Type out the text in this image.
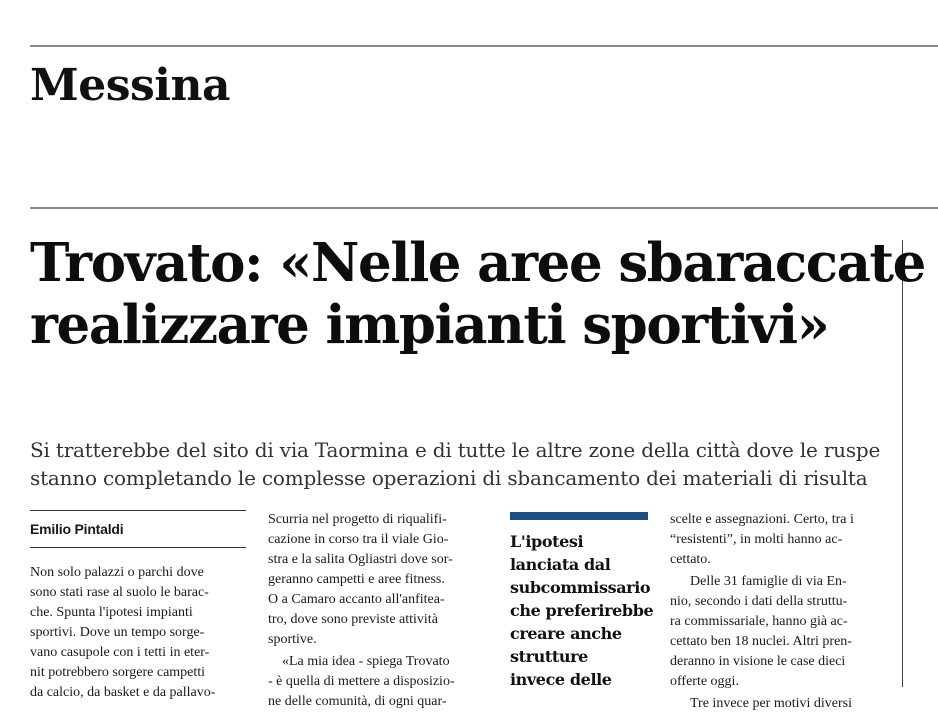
Messina
Trovato: «Nelle aree sbaraccate
realizzare impianti sportivi»

Si tratterebbe del sito di via Taormina e di tutte le altre zone della città dove le ruspe
stanno completando le complesse operazioni di sbancamento dei materiali di risulta

Emilio Pintaldi

Non solo palazzi o parchi dove
sono stati rase al suolo le barac-
che. Spunta l'ipotesi impianti
sportivi. Dove un tempo sorge-
vano casupole con i tetti in eter-
nit potrebbero sorgere campetti
da calcio, da basket e da pallavo-

Scurria nel progetto di riqualifi-
cazione in corso tra il viale Gio-
stra e la salita Ogliastri dove sor-
geranno campetti e aree fitness.
O a Camaro accanto all'anfitea-
tro, dove sono previste attività
sportive.

«La mia idea - spiega Trovato
- è quella di mettere a disposizio-
ne delle comunità, di ogni quar-

L'ipotesi
lanciata dal
subcommissario
che preferirebbe
creare anche
strutture
invece delle

scelte e assegnazioni. Certo, tra i
“resistenti”, in molti hanno ac-
cettato.

Delle 31 famiglie di via En-
nio, secondo i dati della struttu-
ra commissariale, hanno già ac-
cettato ben 18 nuclei. Altri pren-
deranno in visione le case dieci
offerte oggi.

Tre invece per motivi diversi
